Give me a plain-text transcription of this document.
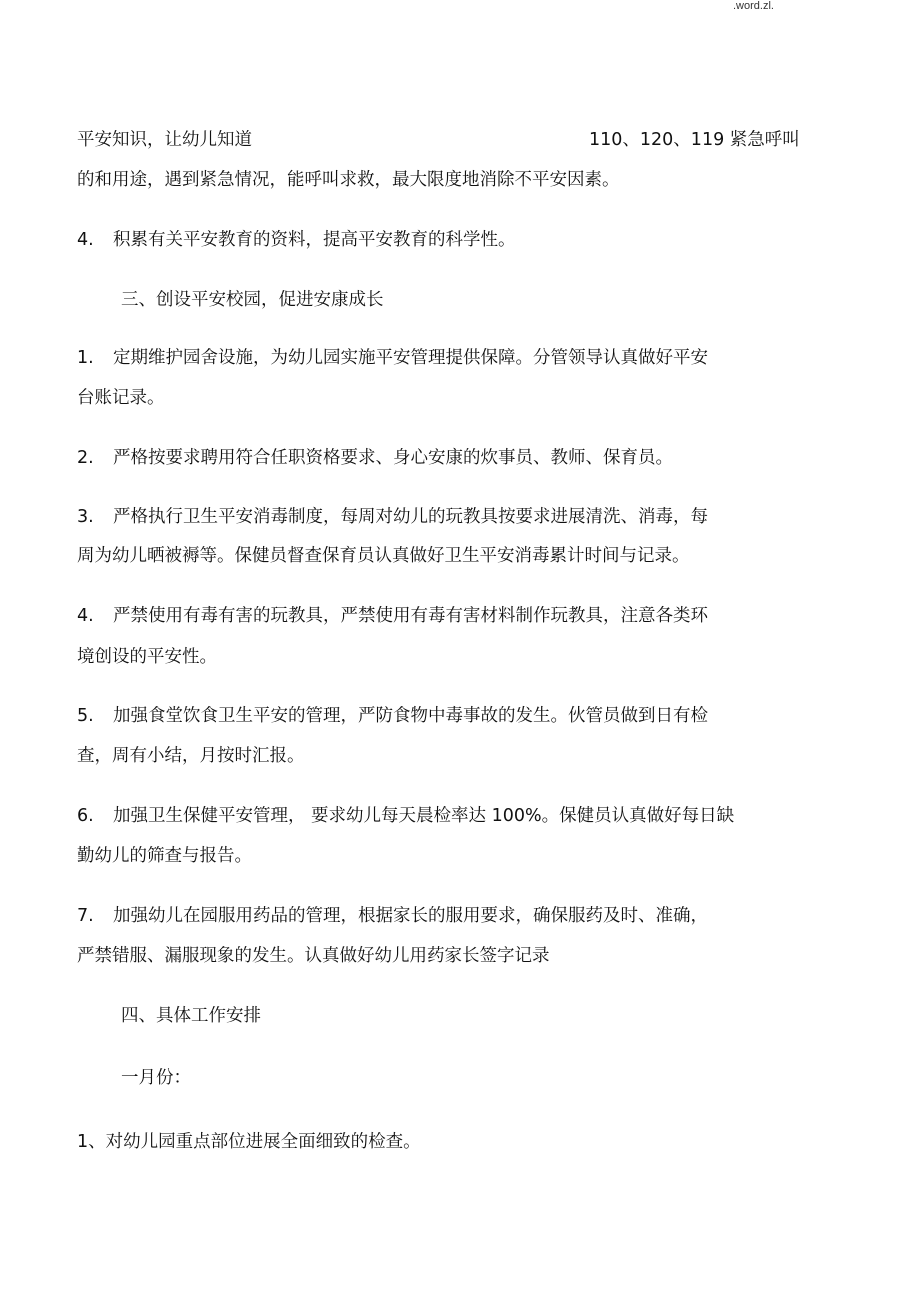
.word.zl.
平安知识，让幼儿知道	110、120、119 紧急呼叫
的和用途，遇到紧急情况，能呼叫求救，最大限度地消除不平安因素。
4. 积累有关平安教育的资料，提高平安教育的科学性。
三、创设平安校园，促进安康成长
1. 定期维护园舍设施，为幼儿园实施平安管理提供保障。分管领导认真做好平安
台账记录。
2. 严格按要求聘用符合任职资格要求、身心安康的炊事员、教师、保育员。
3. 严格执行卫生平安消毒制度，每周对幼儿的玩教具按要求进展清洗、消毒，每
周为幼儿晒被褥等。保健员督查保育员认真做好卫生平安消毒累计时间与记录。
4. 严禁使用有毒有害的玩教具，严禁使用有毒有害材料制作玩教具，注意各类环
境创设的平安性。
5. 加强食堂饮食卫生平安的管理，严防食物中毒事故的发生。伙管员做到日有检
查，周有小结，月按时汇报。
6. 加强卫生保健平安管理， 要求幼儿每天晨检率达 100%。保健员认真做好每日缺
勤幼儿的筛查与报告。
7. 加强幼儿在园服用药品的管理，根据家长的服用要求，确保服药及时、准确，
严禁错服、漏服现象的发生。认真做好幼儿用药家长签字记录
四、具体工作安排
一月份：
1、对幼儿园重点部位进展全面细致的检查。
